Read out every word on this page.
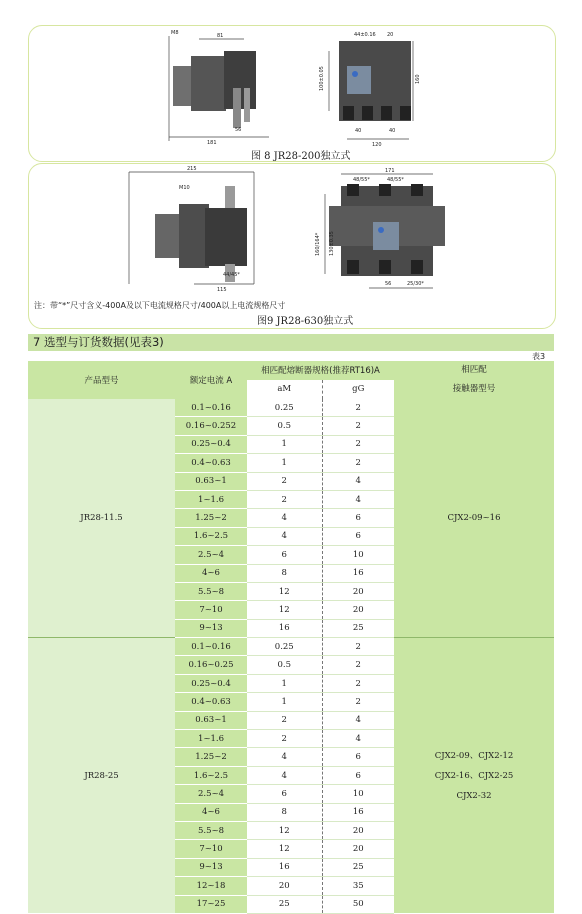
M8	81	44±0.16 20
100±0.05	160
181
56	40	40
120
图 8 JR28-200独立式
215
M10
171
48/55*	48/55*
160/164* 130±0.35
44/45*
115
56	25/30*
注：带“*”尺寸含义-400A及以下电流规格尺寸/400A以上电流规格尺寸
图9 JR28-630独立式
7 选型与订货数据(见表3)
表3
产品型号	额定电流 A	相匹配熔断器规格(推荐RT16)A		相匹配
接触器型号
		aM	gG	
JR28-11.5	0.1~0.16	0.25	2	CJX2-09~16
	0.16~0.252	0.5	2	
	0.25~0.4	1	2	
	0.4~0.63	1	2	
	0.63~1	2	4	
	1~1.6	2	4	
	1.25~2	4	6	
	1.6~2.5	4	6	
	2.5~4	6	10	
	4~6	8	16	
	5.5~8	12	20	
	7~10	12	20	
	9~13	16	25	
JR28-25	0.1~0.16	0.25	2	CJX2-09、CJX2-12
CJX2-16、CJX2-25
CJX2-32
	0.16~0.25	0.5	2	
	0.25~0.4	1	2	
	0.4~0.63	1	2	
	0.63~1	2	4	
	1~1.6	2	4	
	1.25~2	4	6	
	1.6~2.5	4	6	
	2.5~4	6	10	
	4~6	8	16	
	5.5~8	12	20	
	7~10	12	20	
	9~13	16	25	
	12~18	20	35	
	17~25	25	50	
